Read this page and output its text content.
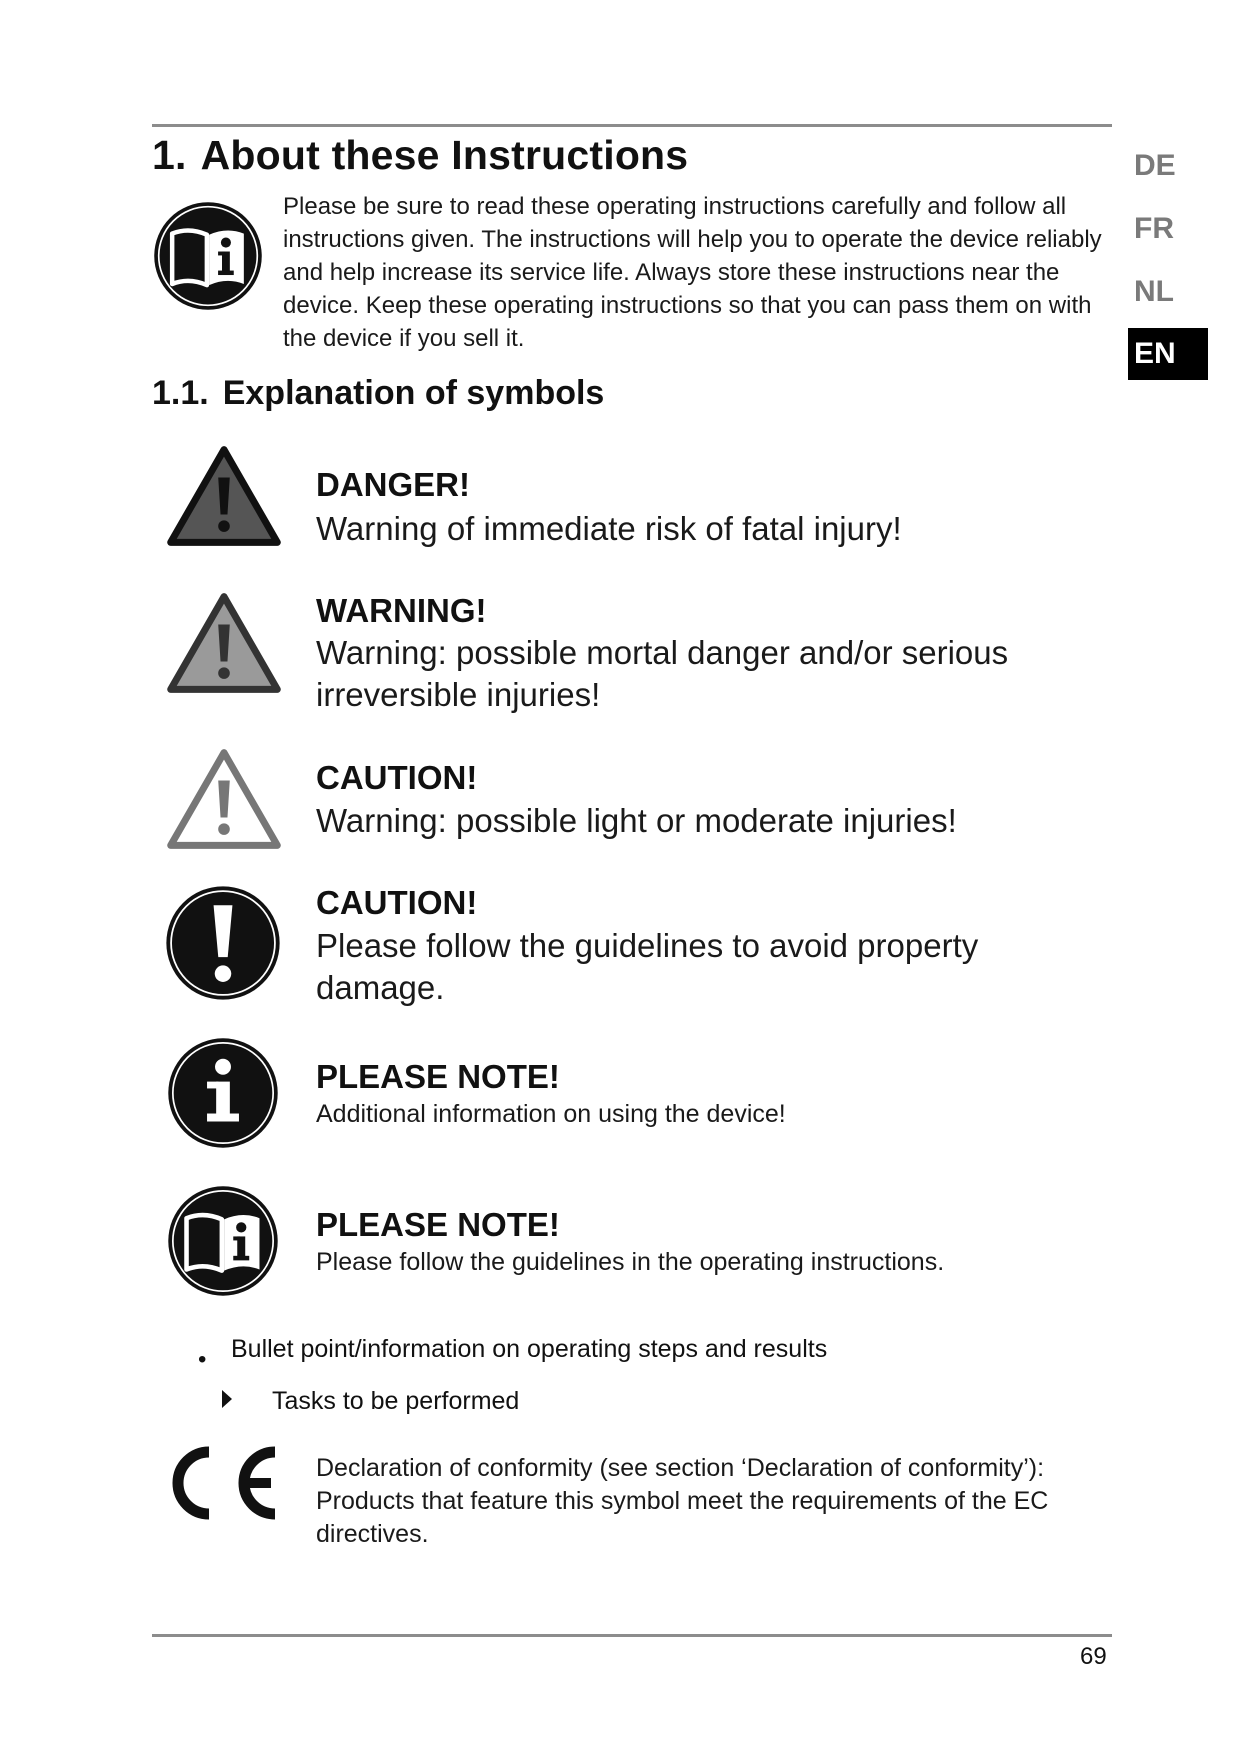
1. About these Instructions

Please be sure to read these operating instructions carefully and follow all instructions given. The instructions will help you to operate the device reliably and help increase its service life. Always store these instructions near the device. Keep these operating instructions so that you can pass them on with the device if you sell it.

1.1. Explanation of symbols

DANGER!

Warning of immediate risk of fatal injury!

WARNING!

Warning: possible mortal danger and/or serious irreversible injuries!

CAUTION!

Warning: possible light or moderate injuries!

CAUTION!

Please follow the guidelines to avoid property damage.

PLEASE NOTE!

Additional information on using the device!

PLEASE NOTE!

Please follow the guidelines in the operating instructions.

• Bullet point/information on operating steps and results
Tasks to be performed

Declaration of conformity (see section ‘Declaration of conformity’): Products that feature this symbol meet the requirements of the EC directives.

DE
FR
NL
EN
69
